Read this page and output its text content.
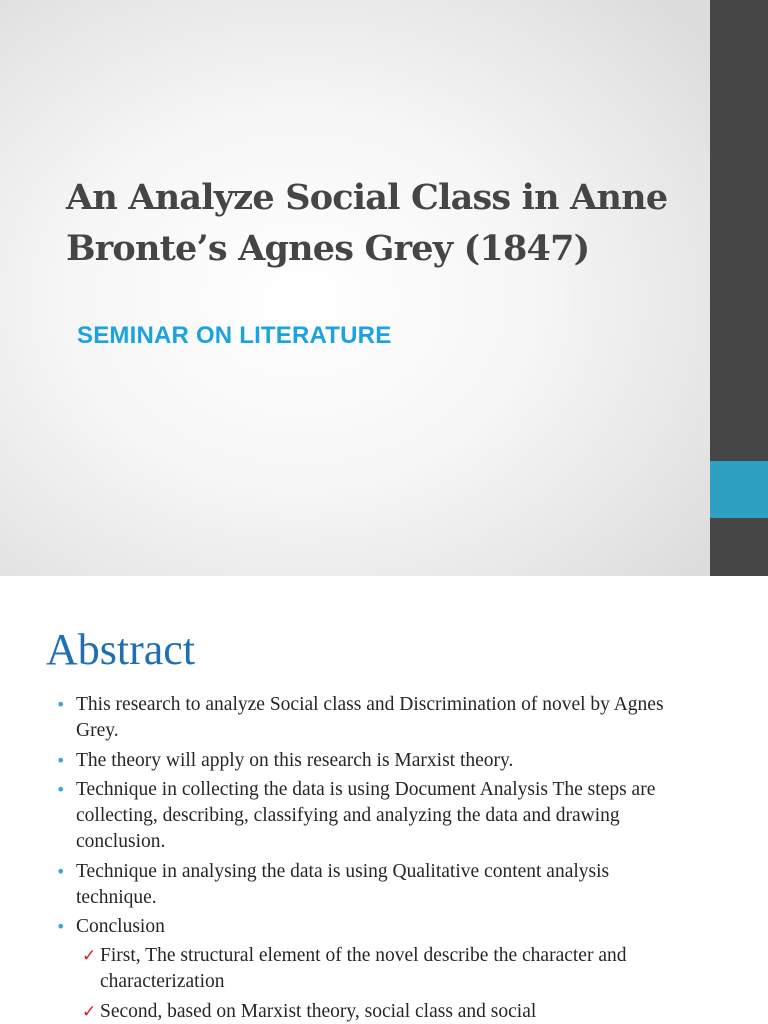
An Analyze Social Class in Anne Bronte’s Agnes Grey (1847)
SEMINAR ON LITERATURE
Abstract
• This research to analyze Social class and Discrimination of novel by Agnes Grey.
• The theory will apply on this research is Marxist theory.
• Technique in collecting the data is using Document Analysis The steps are collecting, describing, classifying and analyzing the data and drawing conclusion.
• Technique in analysing the data is using Qualitative content analysis technique.
• Conclusion
✓ First, The structural element of the novel describe the character and characterization
✓ Second, based on Marxist theory, social class and social
